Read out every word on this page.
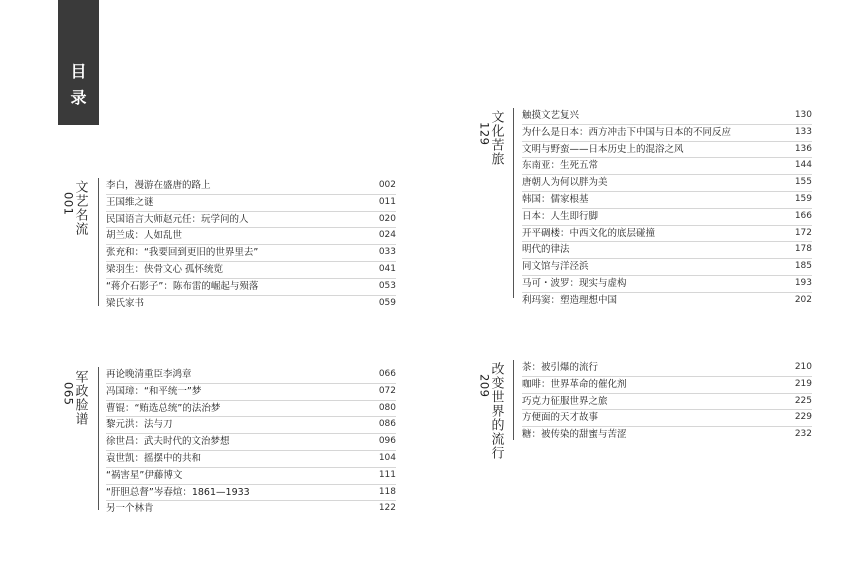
目
录
文艺名流
001
李白，漫游在盛唐的路上	002
王国维之谜	011
民国语言大师赵元任：玩学问的人	020
胡兰成：人如乱世	024
张充和：“我要回到更旧的世界里去”	033
梁羽生：侠骨文心 孤怀统览	041
“蒋介石影子”：陈布雷的崛起与殒落	053
梁氏家书	059
军政脸谱
065
再论晚清重臣李鸿章	066
冯国璋：“和平统一”梦	072
曹锟：“贿选总统”的法治梦	080
黎元洪：法与刀	086
徐世昌：武夫时代的文治梦想	096
袁世凯：摇摆中的共和	104
“祸害星”伊藤博文	111
“肝胆总督”岑春煊：1861—1933	118
另一个林肯	122
文化苦旅
129
触摸文艺复兴	130
为什么是日本：西方冲击下中国与日本的不同反应	133
文明与野蛮——日本历史上的混浴之风	136
东南亚：生死五常	144
唐朝人为何以胖为美	155
韩国：儒家根基	159
日本：人生即行脚	166
开平碉楼：中西文化的底层碰撞	172
明代的律法	178
同文馆与洋泾浜	185
马可・波罗：现实与虚构	193
利玛窦：塑造理想中国	202
改变世界的流行
209
茶：被引爆的流行	210
咖啡：世界革命的催化剂	219
巧克力征服世界之旅	225
方便面的天才故事	229
糖：被传染的甜蜜与苦涩	232
